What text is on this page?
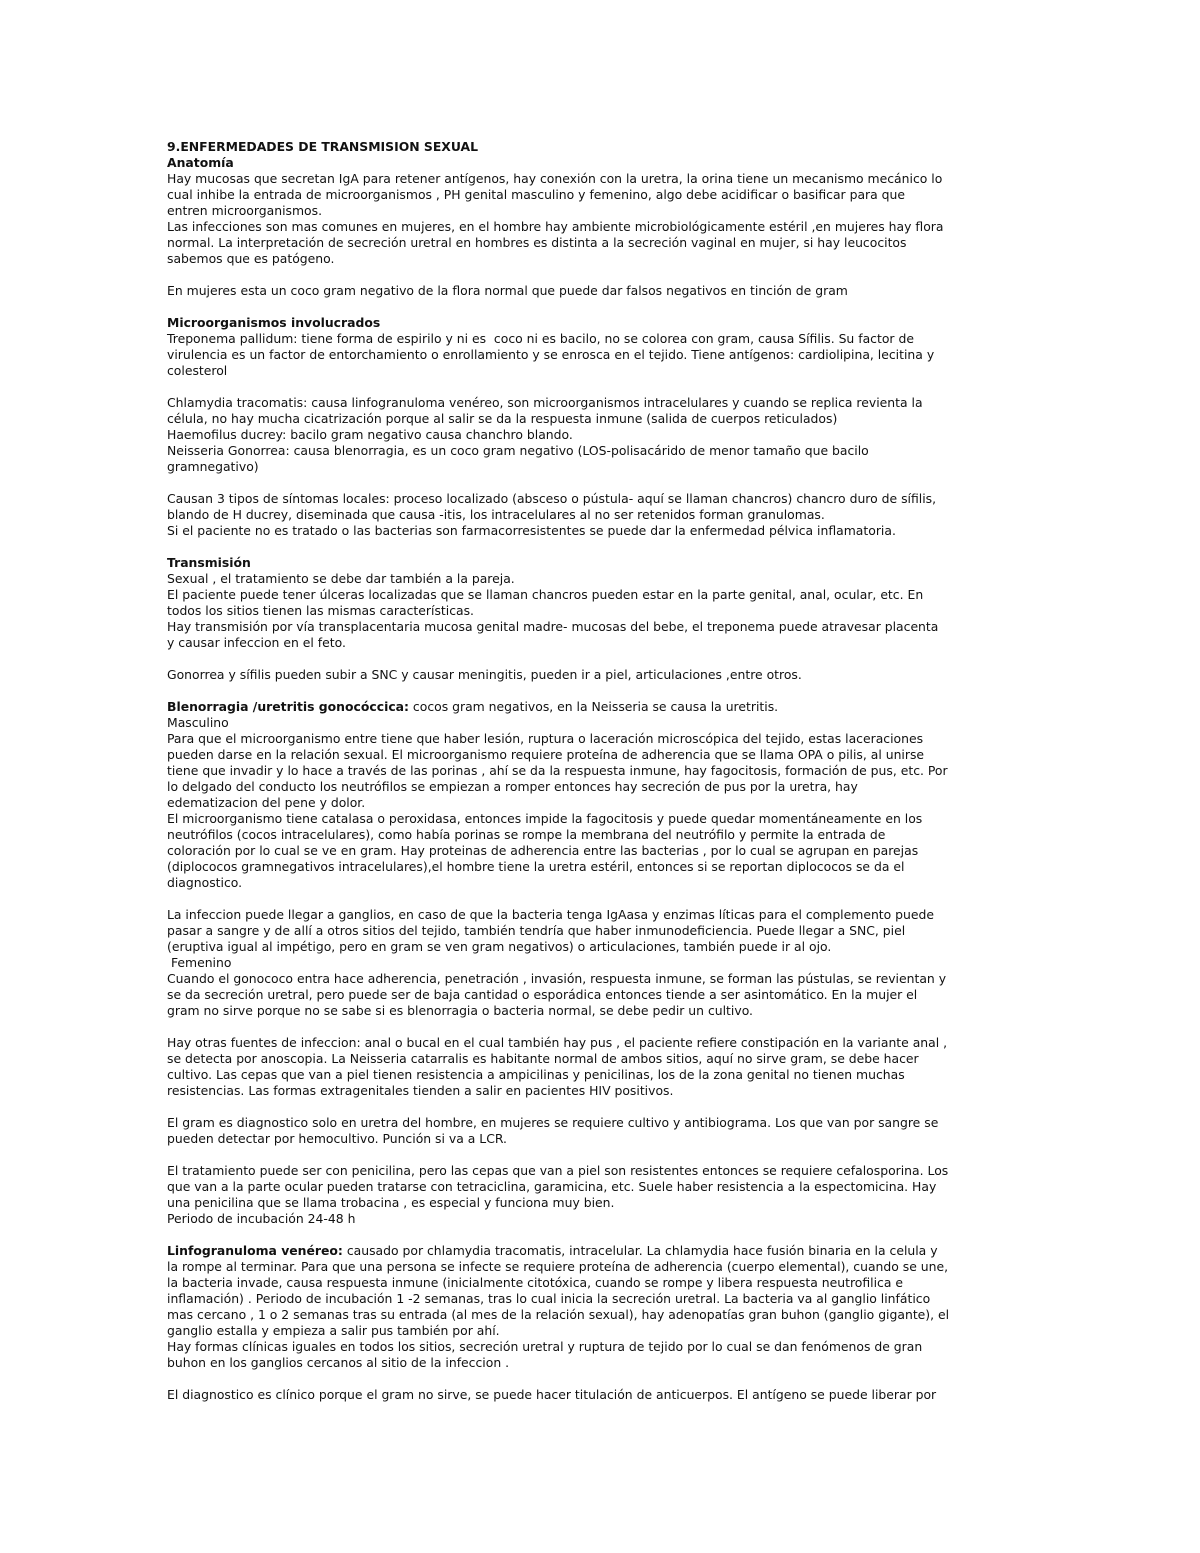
9.ENFERMEDADES DE TRANSMISION SEXUAL
Anatomía
Hay mucosas que secretan IgA para retener antígenos, hay conexión con la uretra, la orina tiene un mecanismo mecánico lo
cual inhibe la entrada de microorganismos , PH genital masculino y femenino, algo debe acidificar o basificar para que
entren microorganismos.
Las infecciones son mas comunes en mujeres, en el hombre hay ambiente microbiológicamente estéril ,en mujeres hay flora
normal. La interpretación de secreción uretral en hombres es distinta a la secreción vaginal en mujer, si hay leucocitos
sabemos que es patógeno.
En mujeres esta un coco gram negativo de la flora normal que puede dar falsos negativos en tinción de gram
Microorganismos involucrados
Treponema pallidum: tiene forma de espirilo y ni es  coco ni es bacilo, no se colorea con gram, causa Sífilis. Su factor de
virulencia es un factor de entorchamiento o enrollamiento y se enrosca en el tejido. Tiene antígenos: cardiolipina, lecitina y
colesterol
Chlamydia tracomatis: causa linfogranuloma venéreo, son microorganismos intracelulares y cuando se replica revienta la
célula, no hay mucha cicatrización porque al salir se da la respuesta inmune (salida de cuerpos reticulados)
Haemofilus ducrey: bacilo gram negativo causa chanchro blando.
Neisseria Gonorrea: causa blenorragia, es un coco gram negativo (LOS-polisacárido de menor tamaño que bacilo
gramnegativo)
Causan 3 tipos de síntomas locales: proceso localizado (absceso o pústula- aquí se llaman chancros) chancro duro de sífilis,
blando de H ducrey, diseminada que causa -itis, los intracelulares al no ser retenidos forman granulomas.
Si el paciente no es tratado o las bacterias son farmacorresistentes se puede dar la enfermedad pélvica inflamatoria.
Transmisión
Sexual , el tratamiento se debe dar también a la pareja.
El paciente puede tener úlceras localizadas que se llaman chancros pueden estar en la parte genital, anal, ocular, etc. En
todos los sitios tienen las mismas características.
Hay transmisión por vía transplacentaria mucosa genital madre- mucosas del bebe, el treponema puede atravesar placenta
y causar infeccion en el feto.
Gonorrea y sífilis pueden subir a SNC y causar meningitis, pueden ir a piel, articulaciones ,entre otros.
Blenorragia /uretritis gonocóccica: cocos gram negativos, en la Neisseria se causa la uretritis.
Masculino
Para que el microorganismo entre tiene que haber lesión, ruptura o laceración microscópica del tejido, estas laceraciones
pueden darse en la relación sexual. El microorganismo requiere proteína de adherencia que se llama OPA o pilis, al unirse
tiene que invadir y lo hace a través de las porinas , ahí se da la respuesta inmune, hay fagocitosis, formación de pus, etc. Por
lo delgado del conducto los neutrófilos se empiezan a romper entonces hay secreción de pus por la uretra, hay
edematizacion del pene y dolor.
El microorganismo tiene catalasa o peroxidasa, entonces impide la fagocitosis y puede quedar momentáneamente en los
neutrófilos (cocos intracelulares), como había porinas se rompe la membrana del neutrófilo y permite la entrada de
coloración por lo cual se ve en gram. Hay proteinas de adherencia entre las bacterias , por lo cual se agrupan en parejas
(diplococos gramnegativos intracelulares),el hombre tiene la uretra estéril, entonces si se reportan diplococos se da el
diagnostico.
La infeccion puede llegar a ganglios, en caso de que la bacteria tenga IgAasa y enzimas líticas para el complemento puede
pasar a sangre y de allí a otros sitios del tejido, también tendría que haber inmunodeficiencia. Puede llegar a SNC, piel
(eruptiva igual al impétigo, pero en gram se ven gram negativos) o articulaciones, también puede ir al ojo.
Femenino
Cuando el gonococo entra hace adherencia, penetración , invasión, respuesta inmune, se forman las pústulas, se revientan y
se da secreción uretral, pero puede ser de baja cantidad o esporádica entonces tiende a ser asintomático. En la mujer el
gram no sirve porque no se sabe si es blenorragia o bacteria normal, se debe pedir un cultivo.
Hay otras fuentes de infeccion: anal o bucal en el cual también hay pus , el paciente refiere constipación en la variante anal ,
se detecta por anoscopia. La Neisseria catarralis es habitante normal de ambos sitios, aquí no sirve gram, se debe hacer
cultivo. Las cepas que van a piel tienen resistencia a ampicilinas y penicilinas, los de la zona genital no tienen muchas
resistencias. Las formas extragenitales tienden a salir en pacientes HIV positivos.
El gram es diagnostico solo en uretra del hombre, en mujeres se requiere cultivo y antibiograma. Los que van por sangre se
pueden detectar por hemocultivo. Punción si va a LCR.
El tratamiento puede ser con penicilina, pero las cepas que van a piel son resistentes entonces se requiere cefalosporina. Los
que van a la parte ocular pueden tratarse con tetraciclina, garamicina, etc. Suele haber resistencia a la espectomicina. Hay
una penicilina que se llama trobacina , es especial y funciona muy bien.
Periodo de incubación 24-48 h
Linfogranuloma venéreo: causado por chlamydia tracomatis, intracelular. La chlamydia hace fusión binaria en la celula y
la rompe al terminar. Para que una persona se infecte se requiere proteína de adherencia (cuerpo elemental), cuando se une,
la bacteria invade, causa respuesta inmune (inicialmente citotóxica, cuando se rompe y libera respuesta neutrofilica e
inflamación) . Periodo de incubación 1 -2 semanas, tras lo cual inicia la secreción uretral. La bacteria va al ganglio linfático
mas cercano , 1 o 2 semanas tras su entrada (al mes de la relación sexual), hay adenopatías gran buhon (ganglio gigante), el
ganglio estalla y empieza a salir pus también por ahí.
Hay formas clínicas iguales en todos los sitios, secreción uretral y ruptura de tejido por lo cual se dan fenómenos de gran
buhon en los ganglios cercanos al sitio de la infeccion .
El diagnostico es clínico porque el gram no sirve, se puede hacer titulación de anticuerpos. El antígeno se puede liberar por
